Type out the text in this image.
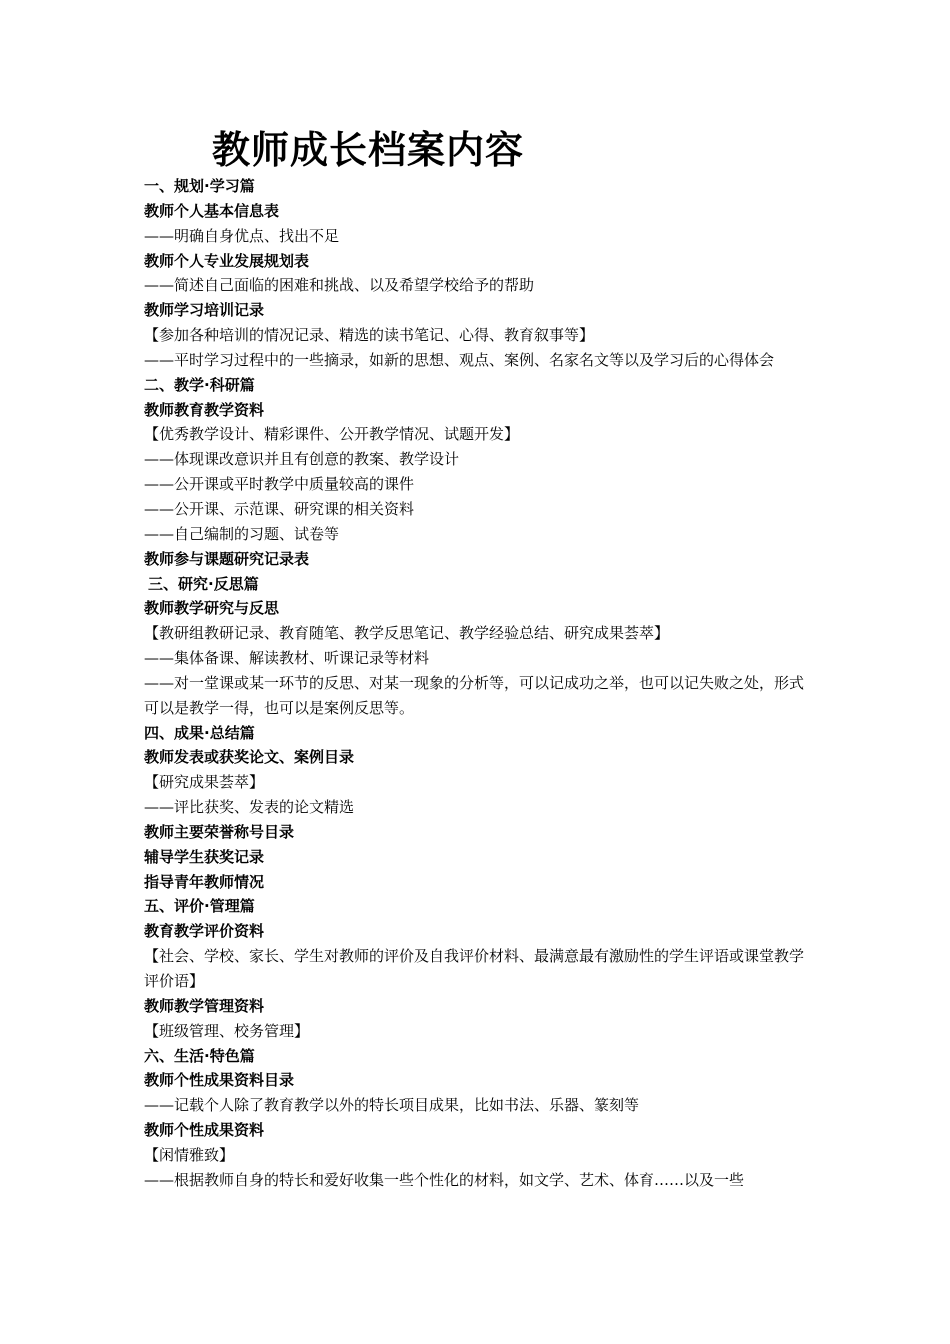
教师成长档案内容
一、规划·学习篇
教师个人基本信息表
——明确自身优点、找出不足
教师个人专业发展规划表
——简述自己面临的困难和挑战、以及希望学校给予的帮助
教师学习培训记录
【参加各种培训的情况记录、精选的读书笔记、心得、教育叙事等】
——平时学习过程中的一些摘录，如新的思想、观点、案例、名家名文等以及学习后的心得体会
二、教学·科研篇
教师教育教学资料
【优秀教学设计、精彩课件、公开教学情况、试题开发】
——体现课改意识并且有创意的教案、教学设计
——公开课或平时教学中质量较高的课件
——公开课、示范课、研究课的相关资料
——自己编制的习题、试卷等
教师参与课题研究记录表
三、研究·反思篇
教师教学研究与反思
【教研组教研记录、教育随笔、教学反思笔记、教学经验总结、研究成果荟萃】
——集体备课、解读教材、听课记录等材料
——对一堂课或某一环节的反思、对某一现象的分析等，可以记成功之举，也可以记失败之处，形式可以是教学一得，也可以是案例反思等。
四、成果·总结篇
教师发表或获奖论文、案例目录
【研究成果荟萃】
——评比获奖、发表的论文精选
教师主要荣誉称号目录
辅导学生获奖记录
指导青年教师情况
五、评价·管理篇
教育教学评价资料
【社会、学校、家长、学生对教师的评价及自我评价材料、最满意最有激励性的学生评语或课堂教学评价语】
教师教学管理资料
【班级管理、校务管理】
六、生活·特色篇
教师个性成果资料目录
——记载个人除了教育教学以外的特长项目成果，比如书法、乐器、篆刻等
教师个性成果资料
【闲情雅致】
——根据教师自身的特长和爱好收集一些个性化的材料，如文学、艺术、体育……以及一些
